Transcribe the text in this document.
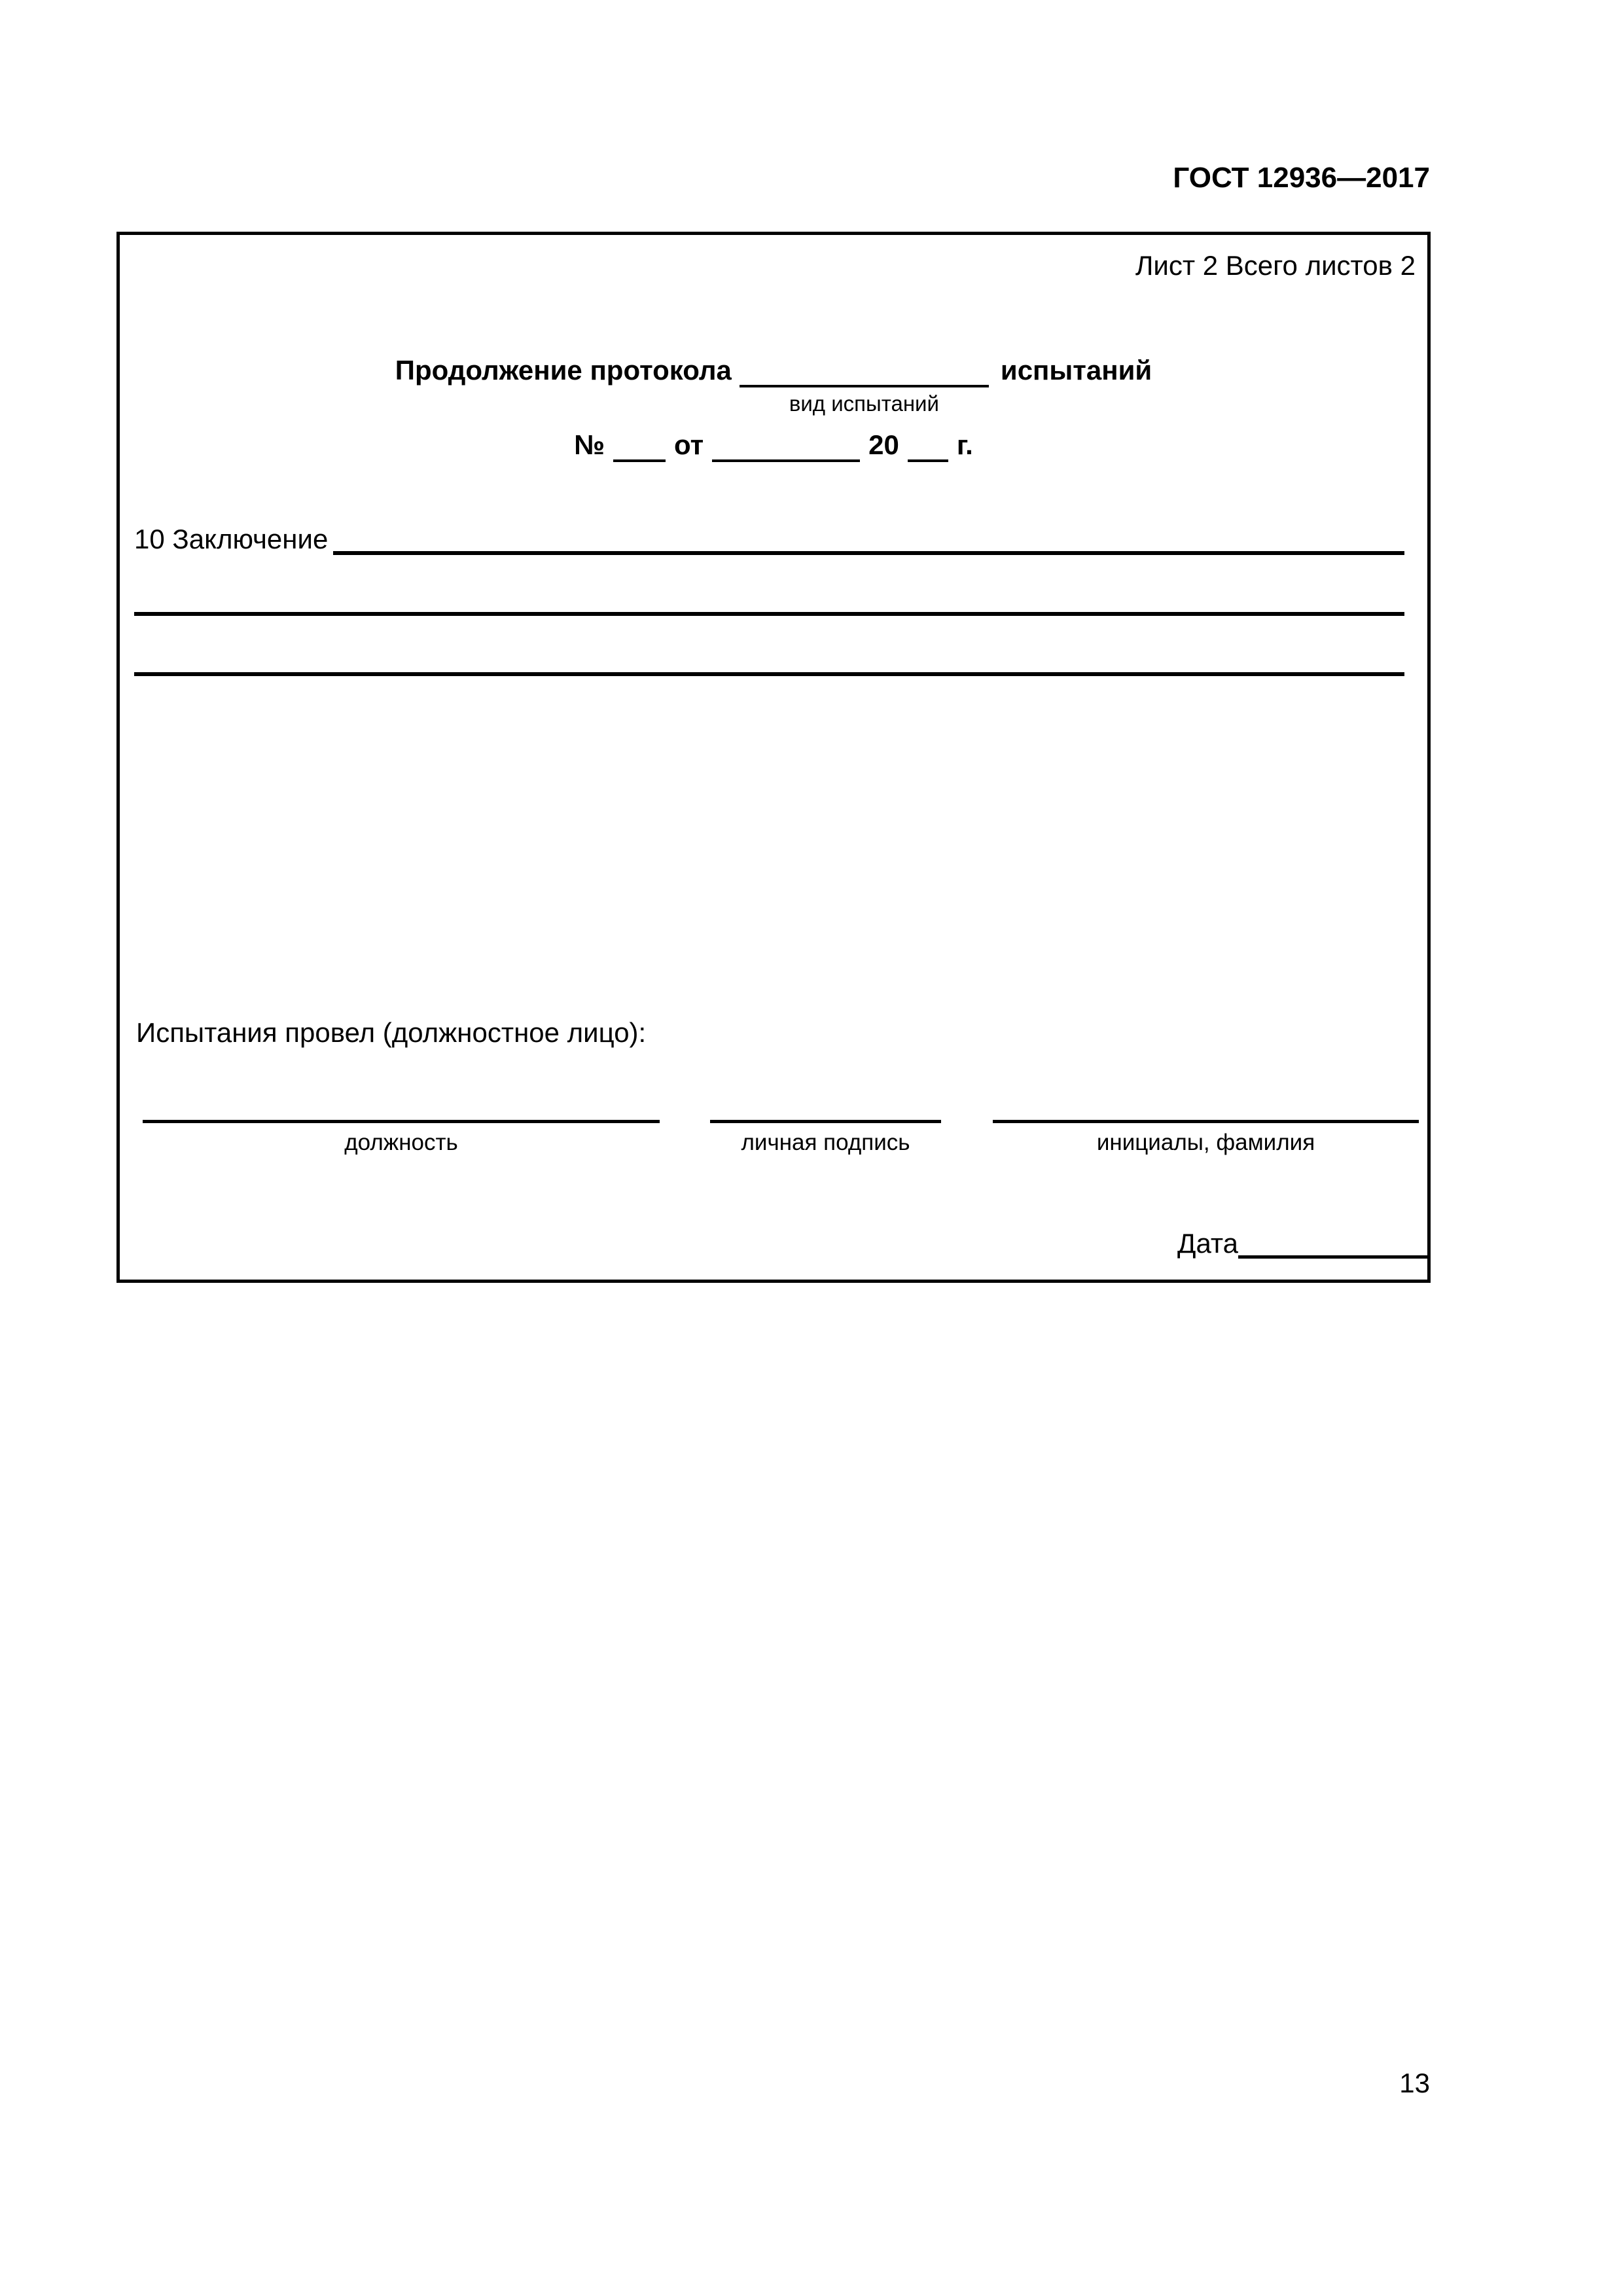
ГОСТ 12936—2017
Лист 2 Всего листов 2
Продолжение протокола
вид испытаний
испытаний
№	от	20 г.
10 Заключение
Испытания провел (должностное лицо):
должность	личная подпись	инициалы, фамилия
Дата
13
